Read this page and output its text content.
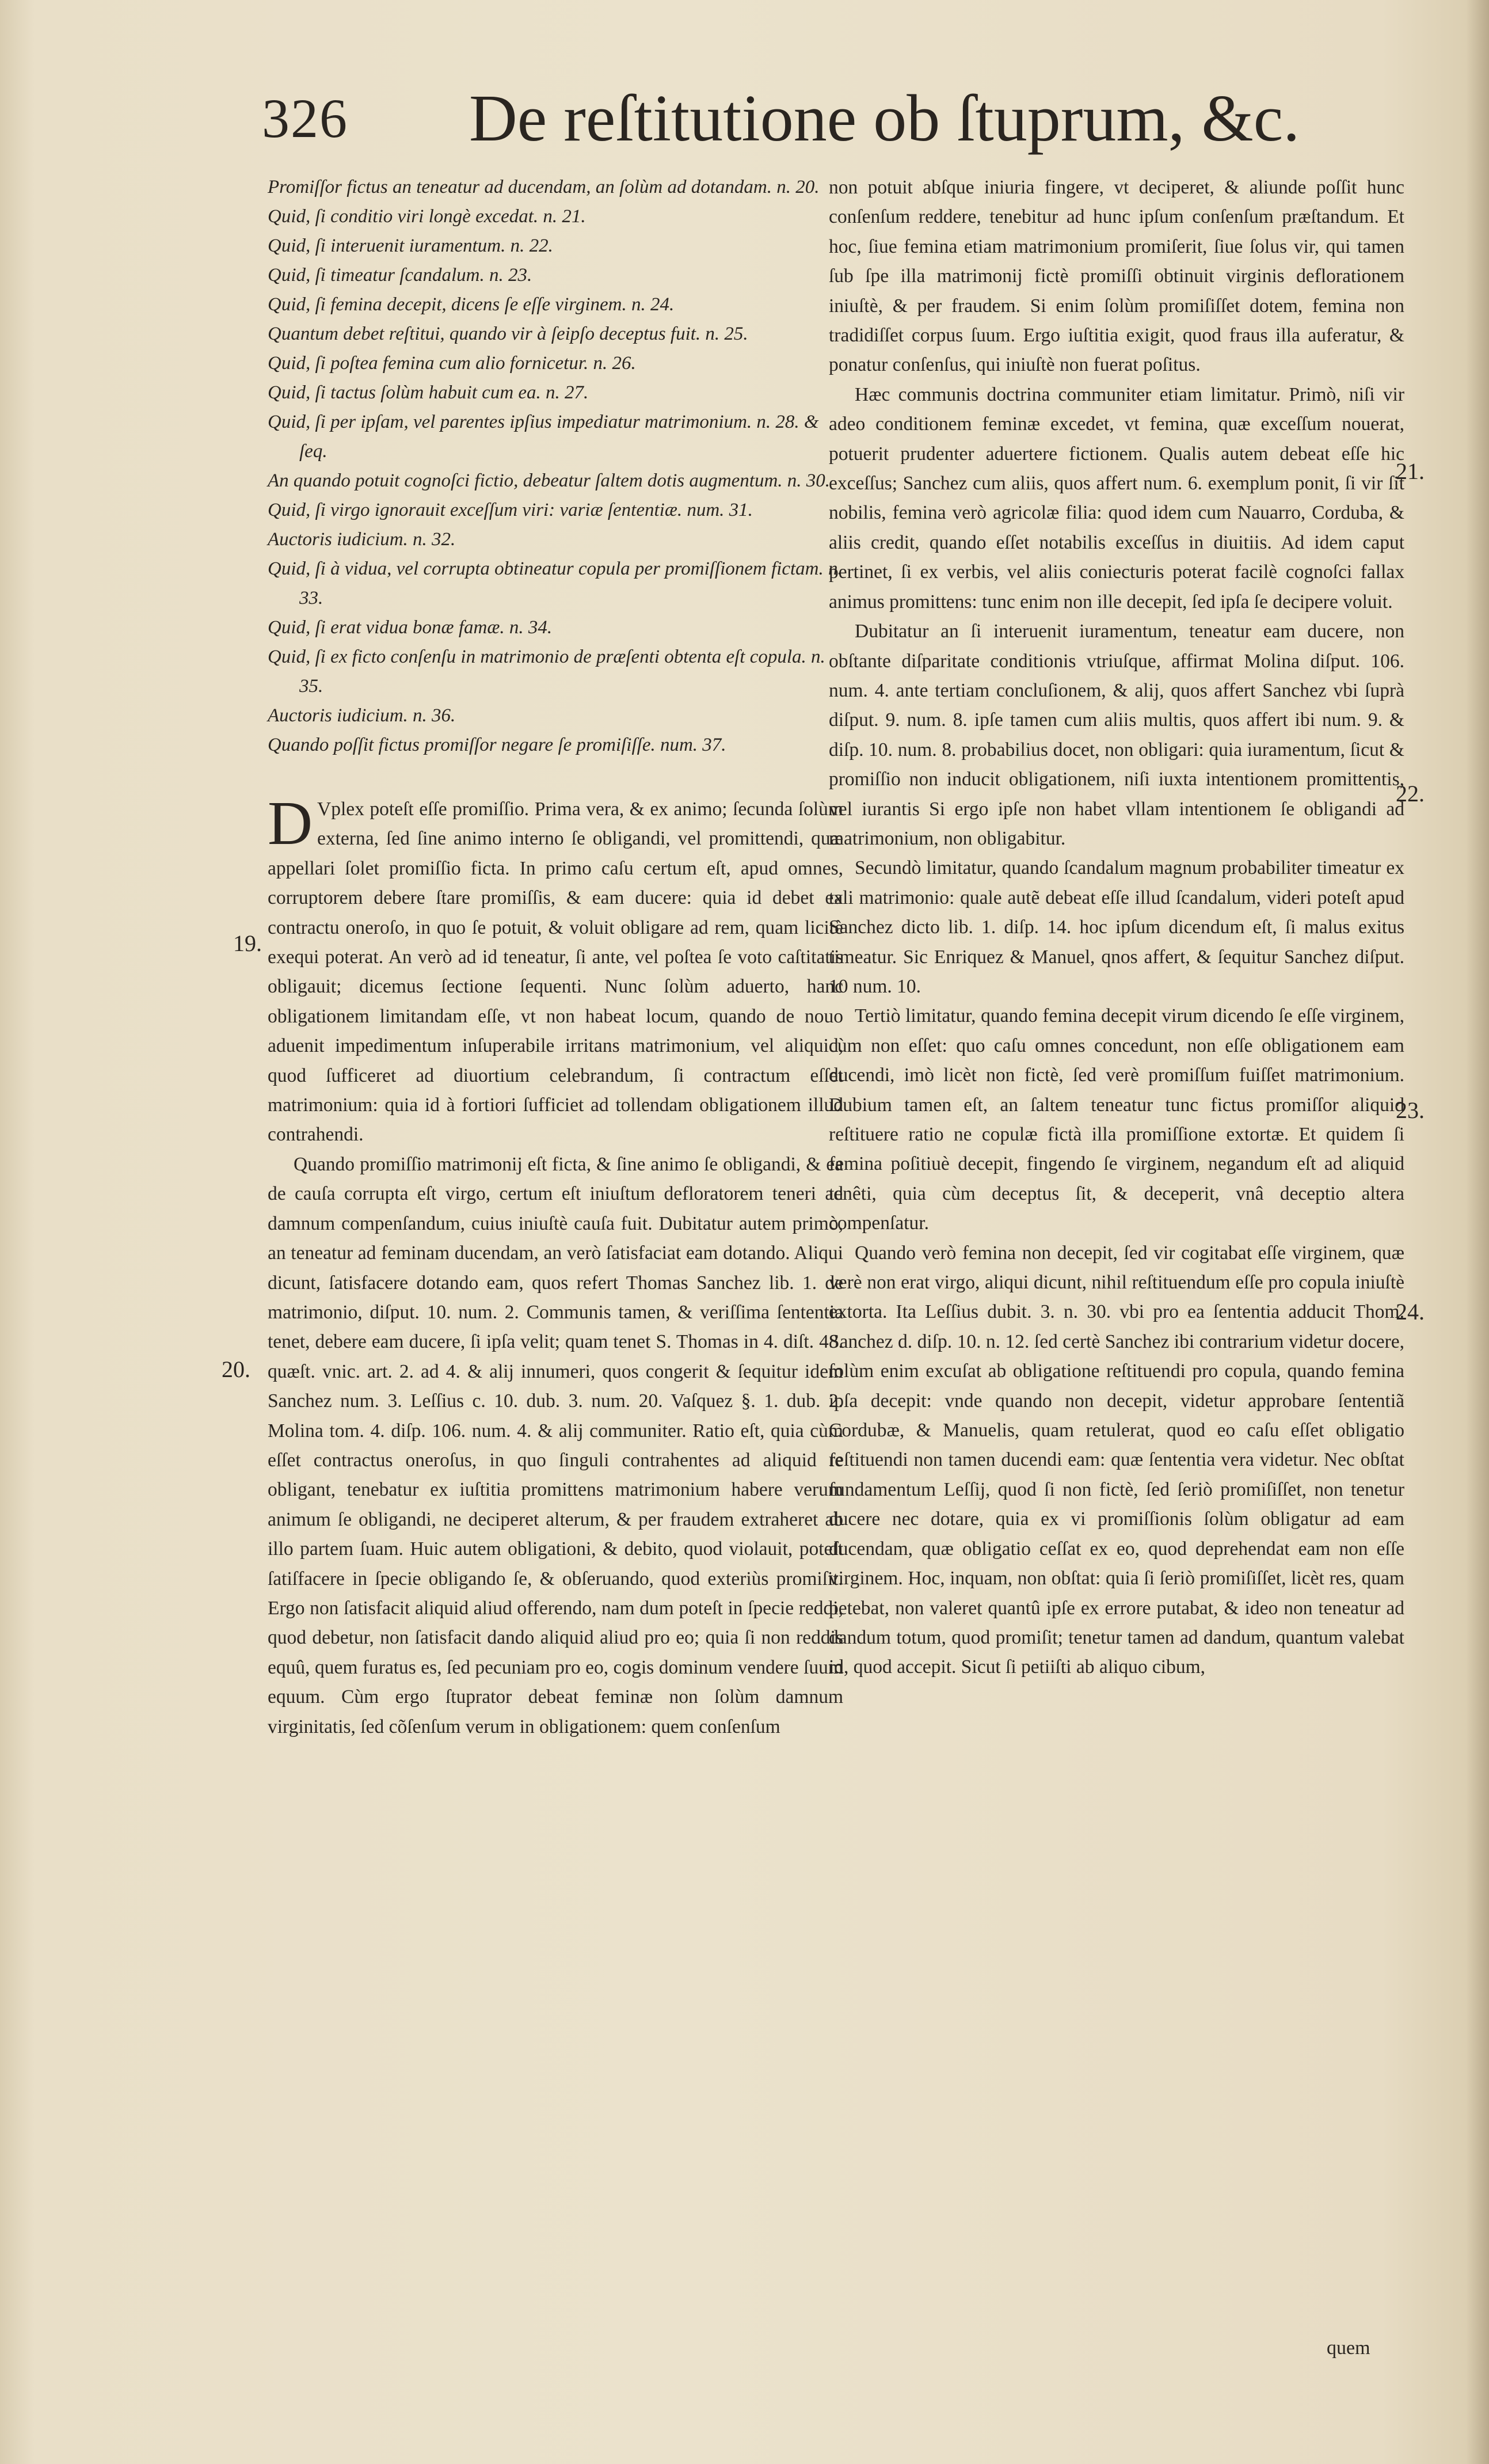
326 De reſtitutione ob ſtuprum, &c.

Promiſſor fictus an teneatur ad ducendam, an ſolùm ad dotandam. n. 20.

Quid, ſi conditio viri longè excedat. n. 21.

Quid, ſi interuenit iuramentum. n. 22.

Quid, ſi timeatur ſcandalum. n. 23.

Quid, ſi femina decepit, dicens ſe eſſe virginem. n. 24.

Quantum debet reſtitui, quando vir à ſeipſo deceptus fuit. n. 25.

Quid, ſi poſtea femina cum alio fornicetur. n. 26.

Quid, ſi tactus ſolùm habuit cum ea. n. 27.

Quid, ſi per ipſam, vel parentes ipſius impediatur matrimonium. n. 28. & ſeq.

An quando potuit cognoſci fictio, debeatur ſaltem dotis augmentum. n. 30.

Quid, ſi virgo ignorauit exceſſum viri: variæ ſententiæ. num. 31.

Auctoris iudicium. n. 32.

Quid, ſi à vidua, vel corrupta obtineatur copula per promiſſionem fictam. n. 33.

Quid, ſi erat vidua bonæ famæ. n. 34.

Quid, ſi ex ficto conſenſu in matrimonio de præſenti obtenta eſt copula. n. 35.

Auctoris iudicium. n. 36.

Quando poſſit fictus promiſſor negare ſe promiſiſſe. num. 37.

D Vplex poteſt eſſe promiſſio. Prima vera, & ex animo; ſecunda ſolùm externa, ſed ſine animo interno ſe obligandi, vel promittendi, quæ appellari ſolet promiſſio ficta. In primo caſu certum eſt, apud omnes, corruptorem debere ſtare promiſſis, & eam ducere: quia id debet ex contractu oneroſo, in quo ſe potuit, & voluit obligare ad rem, quam licitè exequi poterat. An verò ad id teneatur, ſi ante, vel poſtea ſe voto caſtitatis obligauit; dicemus ſectione ſequenti. Nunc ſolùm aduerto, hanc obligationem limitandam eſſe, vt non habeat locum, quando de nouo aduenit impedimentum inſuperabile irritans matrimonium, vel aliquid, quod ſufficeret ad diuortium celebrandum, ſi contractum eſſet matrimonium: quia id à fortiori ſufficiet ad tollendam obligationem illud contrahendi.

Quando promiſſio matrimonij eſt ficta, & ſine animo ſe obligandi, & ea de cauſa corrupta eſt virgo, certum eſt iniuſtum defloratorem teneri ad damnum compenſandum, cuius iniuſtè cauſa fuit. Dubitatur autem primò, an teneatur ad feminam ducendam, an verò ſatisfaciat eam dotando. Aliqui dicunt, ſatisfacere dotando eam, quos refert Thomas Sanchez lib. 1. de matrimonio, diſput. 10. num. 2. Communis tamen, & veriſſima ſententia tenet, debere eam ducere, ſi ipſa velit; quam tenet S. Thomas in 4. diſt. 48. quæſt. vnic. art. 2. ad 4. & alij innumeri, quos congerit & ſequitur idem Sanchez num. 3. Leſſius c. 10. dub. 3. num. 20. Vaſquez §. 1. dub. 2. Molina tom. 4. diſp. 106. num. 4. & alij communiter. Ratio eſt, quia cùm eſſet contractus oneroſus, in quo ſinguli contrahentes ad aliquid ſe obligant, tenebatur ex iuſtitia promittens matrimonium habere verum animum ſe obligandi, ne deciperet alterum, & per fraudem extraheret ab illo partem ſuam. Huic autem obligationi, & debito, quod violauit, poteſt ſatiſfacere in ſpecie obligando ſe, & obſeruando, quod exteriùs promiſit. Ergo non ſatisfacit aliquid aliud offerendo, nam dum poteſt in ſpecie reddi, quod debetur, non ſatisfacit dando aliquid aliud pro eo; quia ſi non reddis equû, quem furatus es, ſed pecuniam pro eo, cogis dominum vendere ſuum equum. Cùm ergo ſtuprator debeat feminæ non ſolùm damnum virginitatis, ſed cõſenſum verum in obligationem: quem conſenſum

non potuit abſque iniuria fingere, vt deciperet, & aliunde poſſit hunc conſenſum reddere, tenebitur ad hunc ipſum conſenſum præſtandum. Et hoc, ſiue femina etiam matrimonium promiſerit, ſiue ſolus vir, qui tamen ſub ſpe illa matrimonij fictè promiſſi obtinuit virginis deflorationem iniuſtè, & per fraudem. Si enim ſolùm promiſiſſet dotem, femina non tradidiſſet corpus ſuum. Ergo iuſtitia exigit, quod fraus illa auferatur, & ponatur conſenſus, qui iniuſtè non fuerat poſitus.

Hæc communis doctrina communiter etiam limitatur. Primò, niſi vir adeo conditionem feminæ excedet, vt femina, quæ exceſſum nouerat, potuerit prudenter aduertere fictionem. Qualis autem debeat eſſe hic exceſſus; Sanchez cum aliis, quos affert num. 6. exemplum ponit, ſi vir ſit nobilis, femina verò agricolæ filia: quod idem cum Nauarro, Corduba, & aliis credit, quando eſſet notabilis exceſſus in diuitiis. Ad idem caput pertinet, ſi ex verbis, vel aliis coniecturis poterat facilè cognoſci fallax animus promittens: tunc enim non ille decepit, ſed ipſa ſe decipere voluit.

Dubitatur an ſi interuenit iuramentum, teneatur eam ducere, non obſtante diſparitate conditionis vtriuſque, affirmat Molina diſput. 106. num. 4. ante tertiam concluſionem, & alij, quos affert Sanchez vbi ſuprà diſput. 9. num. 8. ipſe tamen cum aliis multis, quos affert ibi num. 9. & diſp. 10. num. 8. probabilius docet, non obligari: quia iuramentum, ſicut & promiſſio non inducit obligationem, niſi iuxta intentionem promittentis, vel iurantis Si ergo ipſe non habet vllam intentionem ſe obligandi ad matrimonium, non obligabitur.

Secundò limitatur, quando ſcandalum magnum probabiliter timeatur ex tali matrimonio: quale autẽ debeat eſſe illud ſcandalum, videri poteſt apud Sanchez dicto lib. 1. diſp. 14. hoc ipſum dicendum eſt, ſi malus exitus timeatur. Sic Enriquez & Manuel, qnos affert, & ſequitur Sanchez diſput. 10 num. 10.

Tertiò limitatur, quando femina decepit virum dicendo ſe eſſe virginem, cùm non eſſet: quo caſu omnes concedunt, non eſſe obligationem eam ducendi, imò licèt non fictè, ſed verè promiſſum fuiſſet matrimonium. Dubium tamen eſt, an ſaltem teneatur tunc fictus promiſſor aliquid reſtituere ratio ne copulæ fictà illa promiſſione extortæ. Et quidem ſi femina poſitiuè decepit, fingendo ſe virginem, negandum eſt ad aliquid tenêti, quia cùm deceptus ſit, & deceperit, vnâ deceptio altera compenſatur.

Quando verò femina non decepit, ſed vir cogitabat eſſe virginem, quæ verè non erat virgo, aliqui dicunt, nihil reſtituendum eſſe pro copula iniuſtè extorta. Ita Leſſius dubit. 3. n. 30. vbi pro ea ſententia adducit Thom. Sanchez d. diſp. 10. n. 12. ſed certè Sanchez ibi contrarium videtur docere, ſolùm enim excuſat ab obligatione reſtituendi pro copula, quando femina ipſa decepit: vnde quando non decepit, videtur approbare ſententiã Cordubæ, & Manuelis, quam retulerat, quod eo caſu eſſet obligatio reſtituendi non tamen ducendi eam: quæ ſententia vera videtur. Nec obſtat fundamentum Leſſij, quod ſi non fictè, ſed ſeriò promiſiſſet, non tenetur ducere nec dotare, quia ex vi promiſſionis ſolùm obligatur ad eam ducendam, quæ obligatio ceſſat ex eo, quod deprehendat eam non eſſe virginem. Hoc, inquam, non obſtat: quia ſi ſeriò promiſiſſet, licèt res, quam petebat, non valeret quantû ipſe ex errore putabat, & ideo non teneatur ad dandum totum, quod promiſit; tenetur tamen ad dandum, quantum valebat id, quod accepit. Sicut ſi petiiſti ab aliquo cibum,

19.
20.
21.
22.
23.
24.
quem
